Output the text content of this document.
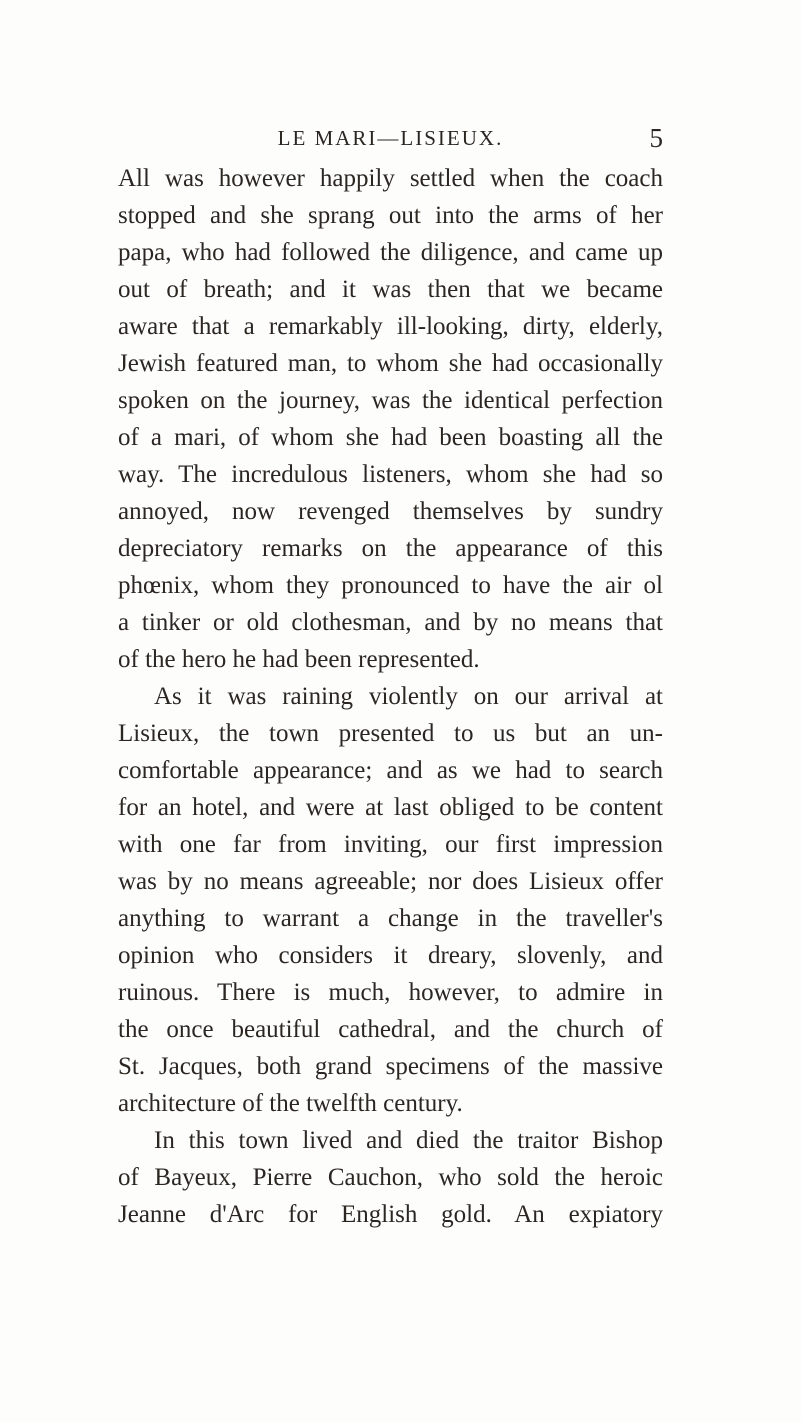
LE MARI—LISIEUX.	5
All was however happily settled when the coach
stopped and she sprang out into the arms of her
papa, who had followed the diligence, and came up
out of breath; and it was then that we became
aware that a remarkably ill-looking, dirty, elderly,
Jewish featured man, to whom she had occasionally
spoken on the journey, was the identical perfection
of a mari, of whom she had been boasting all the
way. The incredulous listeners, whom she had so
annoyed, now revenged themselves by sundry
depreciatory remarks on the appearance of this
phœnix, whom they pronounced to have the air ol
a tinker or old clothesman, and by no means that
of the hero he had been represented.
As it was raining violently on our arrival at
Lisieux, the town presented to us but an un-
comfortable appearance; and as we had to search
for an hotel, and were at last obliged to be content
with one far from inviting, our first impression
was by no means agreeable; nor does Lisieux offer
anything to warrant a change in the traveller's
opinion who considers it dreary, slovenly, and
ruinous. There is much, however, to admire in
the once beautiful cathedral, and the church of
St. Jacques, both grand specimens of the massive
architecture of the twelfth century.
In this town lived and died the traitor Bishop
of Bayeux, Pierre Cauchon, who sold the heroic
Jeanne d'Arc for English gold. An expiatory
